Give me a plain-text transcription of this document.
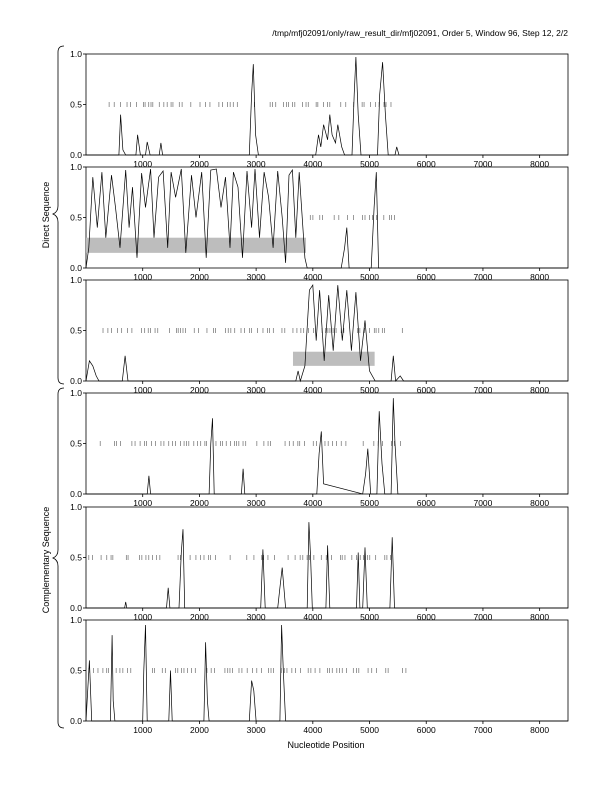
/tmp/mfj02091/only/raw_result_dir/mfj02091, Order 5, Window 96, Step 12, 2/2
Nucleotide Position
Direct Sequence
Complementary Sequence
0.0
0.5
1.0
1000	2000	3000	4000	5000	6000	7000	8000
0.0
0.5
1.0
1000	2000	3000	4000	5000	6000	7000	8000
0.0
0.5
1.0
1000	2000	3000	4000	5000	6000	7000	8000
0.0
0.5
1.0
1000	2000	3000	4000	5000	6000	7000	8000
0.0
0.5
1.0
1000	2000	3000	4000	5000	6000	7000	8000
0.0
0.5
1.0
1000	2000	3000	4000	5000	6000	7000	8000
